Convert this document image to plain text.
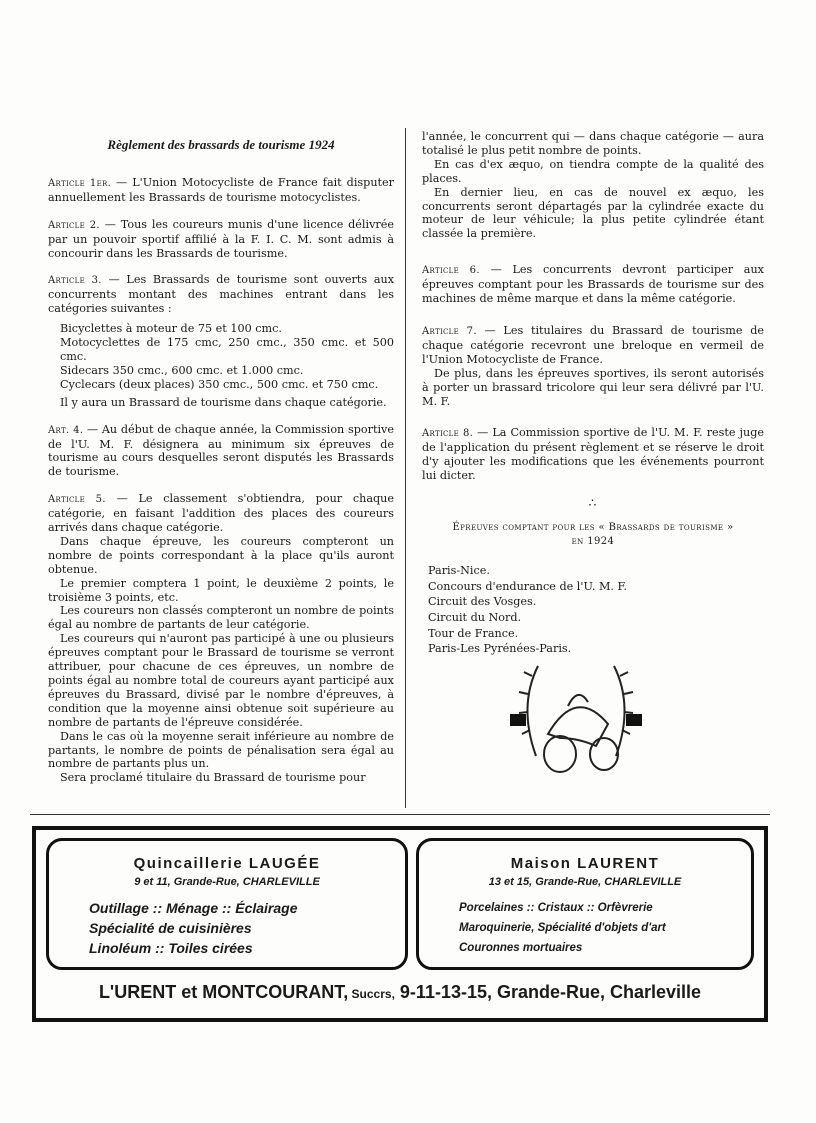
Règlement des brassards de tourisme 1924

Article 1er. — L'Union Motocycliste de France fait disputer annuellement les Brassards de tourisme motocyclistes.

Article 2. — Tous les coureurs munis d'une licence délivrée par un pouvoir sportif affilié à la F. I. C. M. sont admis à concourir dans les Brassards de tourisme.

Article 3. — Les Brassards de tourisme sont ouverts aux concurrents montant des machines entrant dans les catégories suivantes :

Bicyclettes à moteur de 75 et 100 cmc.
Motocyclettes de 175 cmc, 250 cmc., 350 cmc. et 500 cmc.
Sidecars 350 cmc., 600 cmc. et 1.000 cmc.
Cyclecars (deux places) 350 cmc., 500 cmc. et 750 cmc.

Il y aura un Brassard de tourisme dans chaque catégorie.

Art. 4. — Au début de chaque année, la Commission sportive de l'U. M. F. désignera au minimum six épreuves de tourisme au cours desquelles seront disputés les Brassards de tourisme.

Article 5. — Le classement s'obtiendra, pour chaque catégorie, en faisant l'addition des places des coureurs arrivés dans chaque catégorie.

Dans chaque épreuve, les coureurs compteront un nombre de points correspondant à la place qu'ils auront obtenue.

Le premier comptera 1 point, le deuxième 2 points, le troisième 3 points, etc.

Les coureurs non classés compteront un nombre de points égal au nombre de partants de leur catégorie.

Les coureurs qui n'auront pas participé à une ou plusieurs épreuves comptant pour le Brassard de tourisme se verront attribuer, pour chacune de ces épreuves, un nombre de points égal au nombre total de coureurs ayant participé aux épreuves du Brassard, divisé par le nombre d'épreuves, à condition que la moyenne ainsi obtenue soit supérieure au nombre de partants de l'épreuve considérée.

Dans le cas où la moyenne serait inférieure au nombre de partants, le nombre de points de pénalisation sera égal au nombre de partants plus un.

Sera proclamé titulaire du Brassard de tourisme pour

l'année, le concurrent qui — dans chaque catégorie — aura totalisé le plus petit nombre de points.

En cas d'ex æquo, on tiendra compte de la qualité des places.

En dernier lieu, en cas de nouvel ex æquo, les concurrents seront départagés par la cylindrée exacte du moteur de leur véhicule; la plus petite cylindrée étant classée la première.

Article 6. — Les concurrents devront participer aux épreuves comptant pour les Brassards de tourisme sur des machines de même marque et dans la même catégorie.

Article 7. — Les titulaires du Brassard de tourisme de chaque catégorie recevront une breloque en vermeil de l'Union Motocycliste de France.

De plus, dans les épreuves sportives, ils seront autorisés à porter un brassard tricolore qui leur sera délivré par l'U. M. F.

Article 8. — La Commission sportive de l'U. M. F. reste juge de l'application du présent règlement et se réserve le droit d'y ajouter les modifications que les événements pourront lui dicter.

∴
Épreuves comptant pour les « Brassards de tourisme »
en 1924
Paris-Nice.
Concours d'endurance de l'U. M. F.
Circuit des Vosges.
Circuit du Nord.
Tour de France.
Paris-Les Pyrénées-Paris.
Quincaillerie LAUGÉE
9 et 11, Grande-Rue, CHARLEVILLE
Outillage :: Ménage :: Éclairage
Spécialité de cuisinières
Linoléum :: Toiles cirées
Maison LAURENT
13 et 15, Grande-Rue, CHARLEVILLE
Porcelaines :: Cristaux :: Orfèvrerie
Maroquinerie, Spécialité d'objets d'art
Couronnes mortuaires
L'URENT et MONTCOURANT, Succrs, 9-11-13-15, Grande-Rue, Charleville
